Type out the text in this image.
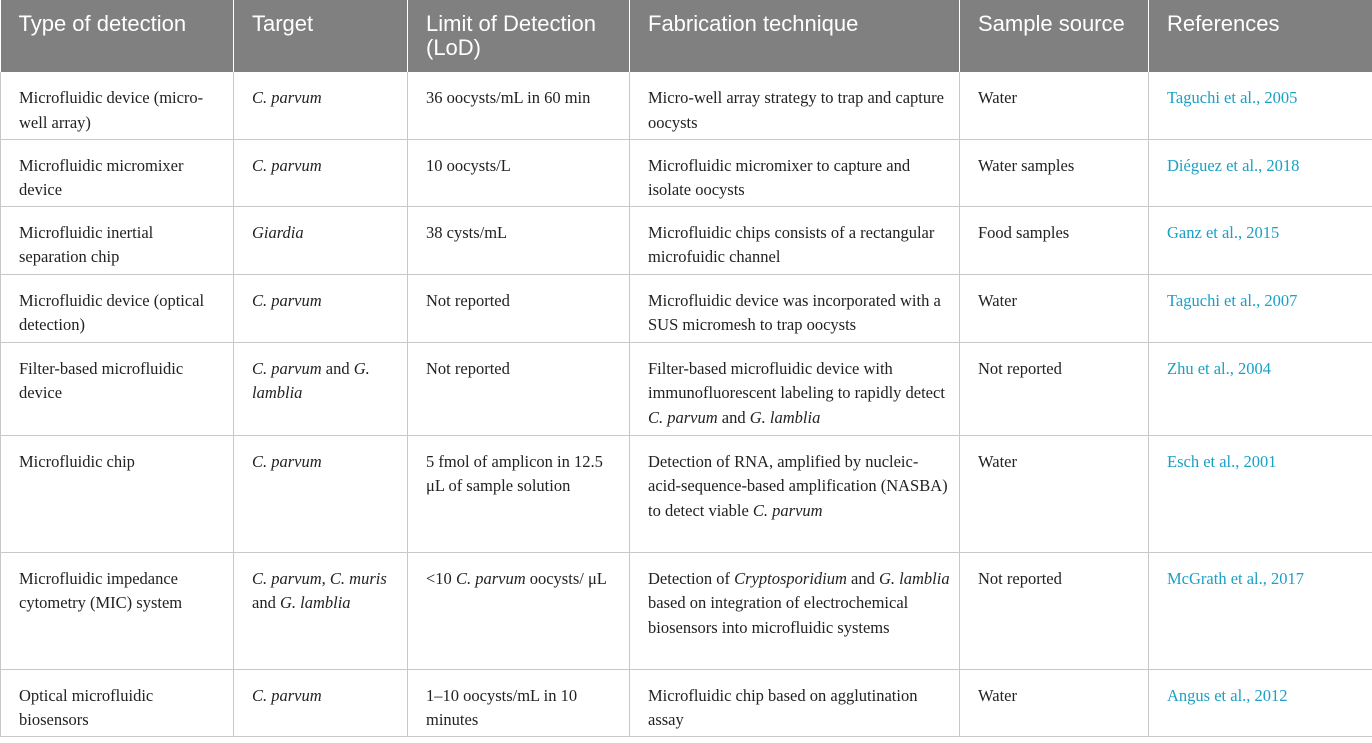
Type of detection	Target	Limit of Detection (LoD)	Fabrication technique	Sample source	References
Microfluidic device (micro-well array)	C. parvum	36 oocysts/mL in 60 min	Micro-well array strategy to trap and capture oocysts	Water	Taguchi et al., 2005
Microfluidic micromixer device	C. parvum	10 oocysts/L	Microfluidic micromixer to capture and isolate oocysts	Water samples	Diéguez et al., 2018
Microfluidic inertial separation chip	Giardia	38 cysts/mL	Microfluidic chips consists of a rectangular microfuidic channel	Food samples	Ganz et al., 2015
Microfluidic device (optical detection)	C. parvum	Not reported	Microfluidic device was incorporated with a SUS micromesh to trap oocysts	Water	Taguchi et al., 2007
Filter-based microfluidic device	C. parvum and G. lamblia	Not reported	Filter-based microfluidic device with immunofluorescent labeling to rapidly detect C. parvum and G. lamblia	Not reported	Zhu et al., 2004
Microfluidic chip	C. parvum	5 fmol of amplicon in 12.5 μL of sample solution	Detection of RNA, amplified by nucleic-acid-sequence-based amplification (NASBA) to detect viable C. parvum	Water	Esch et al., 2001
Microfluidic impedance cytometry (MIC) system	C. parvum, C. muris and G. lamblia	<10 C. parvum oocysts/ μL	Detection of Cryptosporidium and G. lamblia based on integration of electrochemical biosensors into microfluidic systems	Not reported	McGrath et al., 2017
Optical microfluidic biosensors	C. parvum	1–10 oocysts/mL in 10 minutes	Microfluidic chip based on agglutination assay	Water	Angus et al., 2012
